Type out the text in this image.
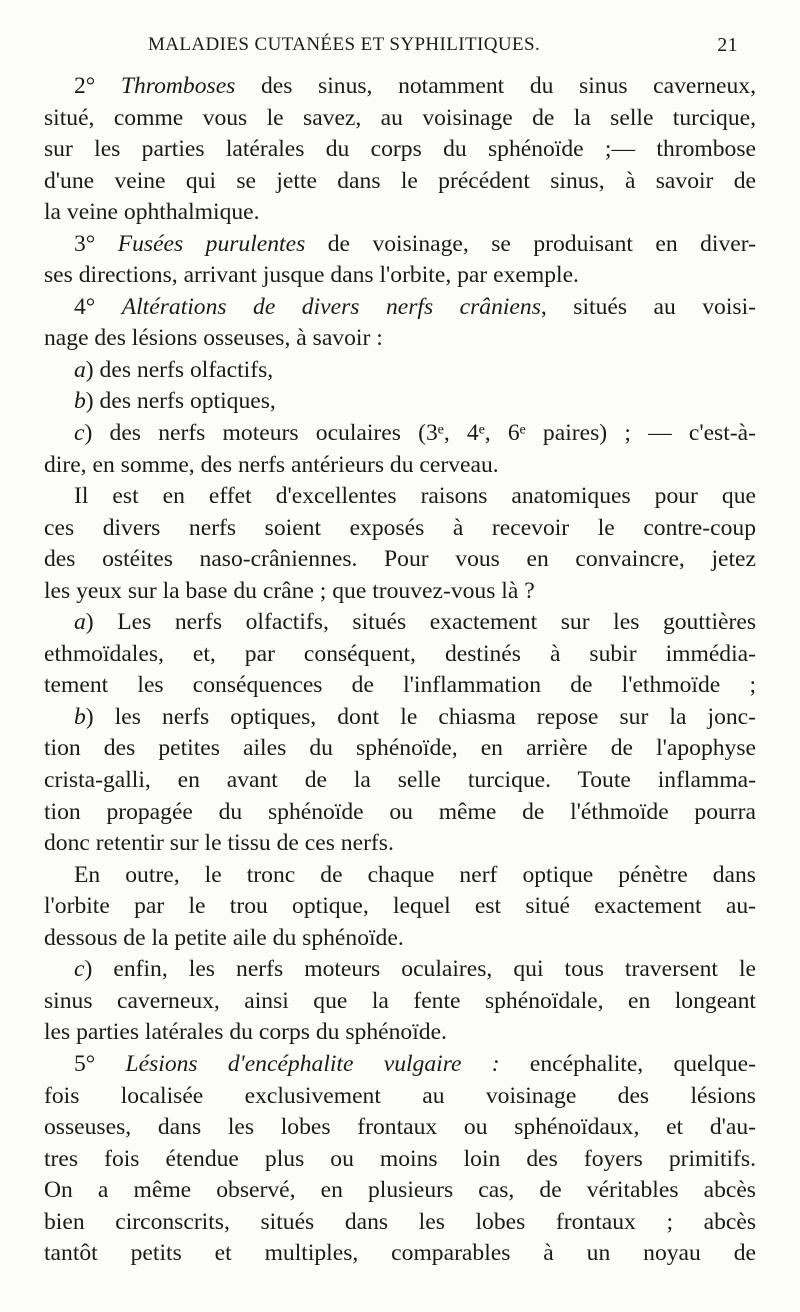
MALADIES CUTANÉES ET SYPHILITIQUES.	21
2° Thromboses des sinus, notamment du sinus caverneux,
situé, comme vous le savez, au voisinage de la selle turcique,
sur les parties latérales du corps du sphénoïde ;— thrombose
d'une veine qui se jette dans le précédent sinus, à savoir de
la veine ophthalmique.
3° Fusées purulentes de voisinage, se produisant en diver-
ses directions, arrivant jusque dans l'orbite, par exemple.
4° Altérations de divers nerfs crâniens, situés au voisi-
nage des lésions osseuses, à savoir :
a) des nerfs olfactifs,
b) des nerfs optiques,
c) des nerfs moteurs oculaires (3ᵉ, 4ᵉ, 6ᵉ paires) ; — c'est-à-
dire, en somme, des nerfs antérieurs du cerveau.
Il est en effet d'excellentes raisons anatomiques pour que
ces divers nerfs soient exposés à recevoir le contre-coup
des ostéites naso-crâniennes. Pour vous en convaincre, jetez
les yeux sur la base du crâne ; que trouvez-vous là ?
a) Les nerfs olfactifs, situés exactement sur les gouttières
ethmoïdales, et, par conséquent, destinés à subir immédia-
tement les conséquences de l'inflammation de l'ethmoïde ;
b) les nerfs optiques, dont le chiasma repose sur la jonc-
tion des petites ailes du sphénoïde, en arrière de l'apophyse
crista-galli, en avant de la selle turcique. Toute inflamma-
tion propagée du sphénoïde ou même de l'éthmoïde pourra
donc retentir sur le tissu de ces nerfs.
En outre, le tronc de chaque nerf optique pénètre dans
l'orbite par le trou optique, lequel est situé exactement au-
dessous de la petite aile du sphénoïde.
c) enfin, les nerfs moteurs oculaires, qui tous traversent le
sinus caverneux, ainsi que la fente sphénoïdale, en longeant
les parties latérales du corps du sphénoïde.
5° Lésions d'encéphalite vulgaire : encéphalite, quelque-
fois localisée exclusivement au voisinage des lésions
osseuses, dans les lobes frontaux ou sphénoïdaux, et d'au-
tres fois étendue plus ou moins loin des foyers primitifs.
On a même observé, en plusieurs cas, de véritables abcès
bien circonscrits, situés dans les lobes frontaux ; abcès
tantôt petits et multiples, comparables à un noyau de
